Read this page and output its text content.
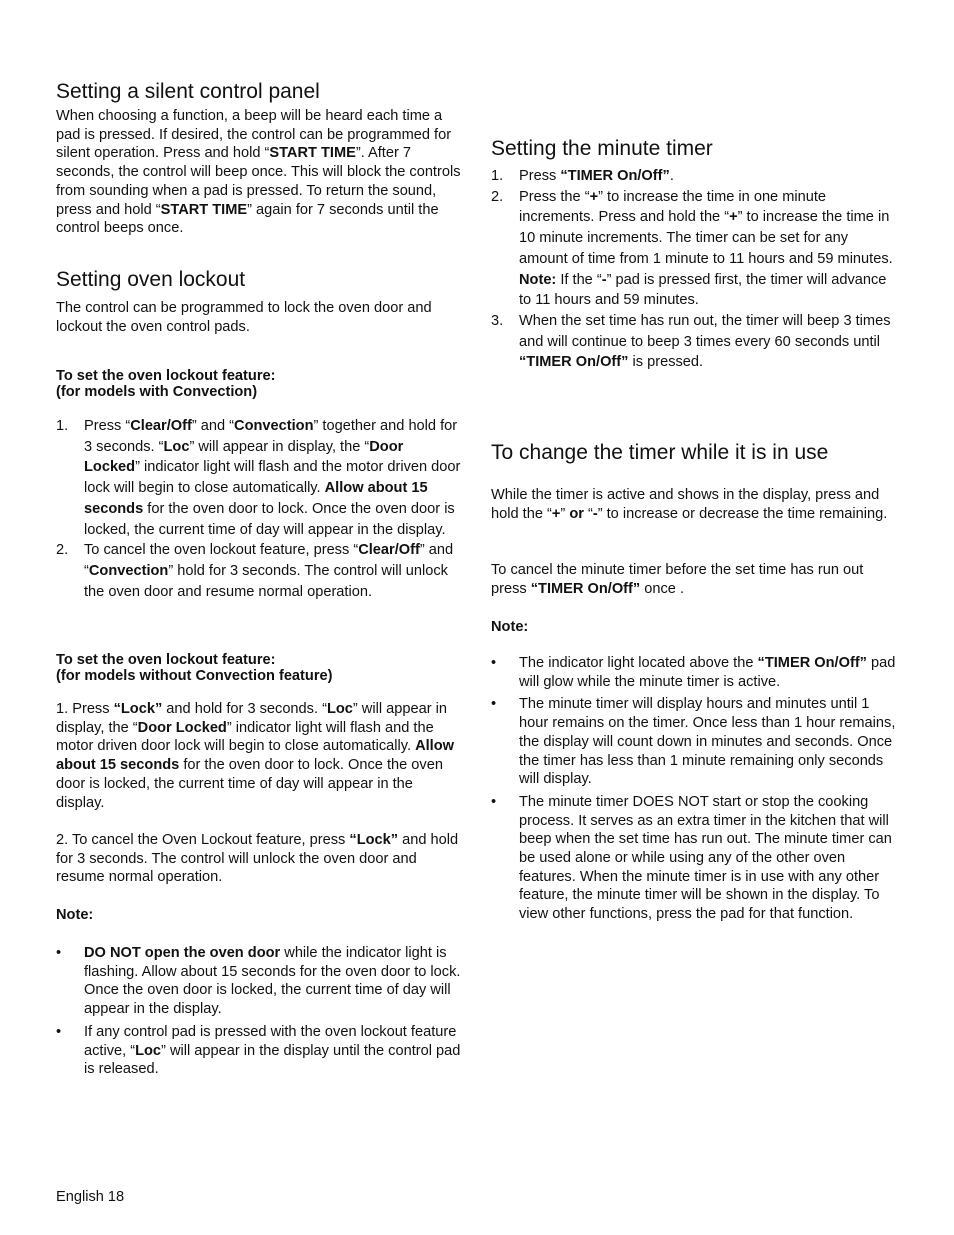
Setting a silent control panel

When choosing a function, a beep will be heard each time a pad is pressed. If desired, the control can be programmed for silent operation. Press and hold “START TIME”. After 7 seconds, the control will beep once. This will block the controls from sounding when a pad is pressed. To return the sound, press and hold “START TIME” again for 7 seconds until the control beeps once.

Setting oven lockout

The control can be programmed to lock the oven door and lockout the oven control pads.

To set the oven lockout feature:
(for models with Convection)
1. Press “Clear/Off” and “Convection” together and hold for 3 seconds. “Loc” will appear in display, the “Door Locked” indicator light will flash and the motor driven door lock will begin to close automatically. Allow about 15 seconds for the oven door to lock. Once the oven door is locked, the current time of day will appear in the display.
2. To cancel the oven lockout feature, press “Clear/Off” and “Convection” hold for 3 seconds. The control will unlock the oven door and resume normal operation.
To set the oven lockout feature:
(for models without Convection feature)

1. Press “Lock” and hold for 3 seconds. “Loc” will appear in display, the “Door Locked” indicator light will flash and the motor driven door lock will begin to close automatically. Allow about 15 seconds for the oven door to lock. Once the oven door is locked, the current time of day will appear in the display.

2. To cancel the Oven Lockout feature, press “Lock” and hold for 3 seconds. The control will unlock the oven door and resume normal operation.

Note:
• DO NOT open the oven door while the indicator light is flashing. Allow about 15 seconds for the oven door to lock. Once the oven door is locked, the current time of day will appear in the display.
• If any control pad is pressed with the oven lockout feature active, “Loc” will appear in the display until the control pad is released.
Setting the minute timer
1. Press “TIMER On/Off”.
2. Press the “+” to increase the time in one minute increments. Press and hold the “+” to increase the time in 10 minute increments. The timer can be set for any amount of time from 1 minute to 11 hours and 59 minutes.
Note: If the “-” pad is pressed first, the timer will advance to 11 hours and 59 minutes.
3. When the set time has run out, the timer will beep 3 times and will continue to beep 3 times every 60 seconds until “TIMER On/Off” is pressed.
To change the timer while it is in use

While the timer is active and shows in the display, press and hold the “+” or “-” to increase or decrease the time remaining.

To cancel the minute timer before the set time has run out press “TIMER On/Off” once .

Note:
• The indicator light located above the “TIMER On/Off” pad will glow while the minute timer is active.
• The minute timer will display hours and minutes until 1 hour remains on the timer. Once less than 1 hour remains, the display will count down in minutes and seconds. Once the timer has less than 1 minute remaining only seconds will display.
• The minute timer DOES NOT start or stop the cooking process. It serves as an extra timer in the kitchen that will beep when the set time has run out. The minute timer can be used alone or while using any of the other oven features. When the minute timer is in use with any other feature, the minute timer will be shown in the display. To view other functions, press the pad for that function.
English 18
